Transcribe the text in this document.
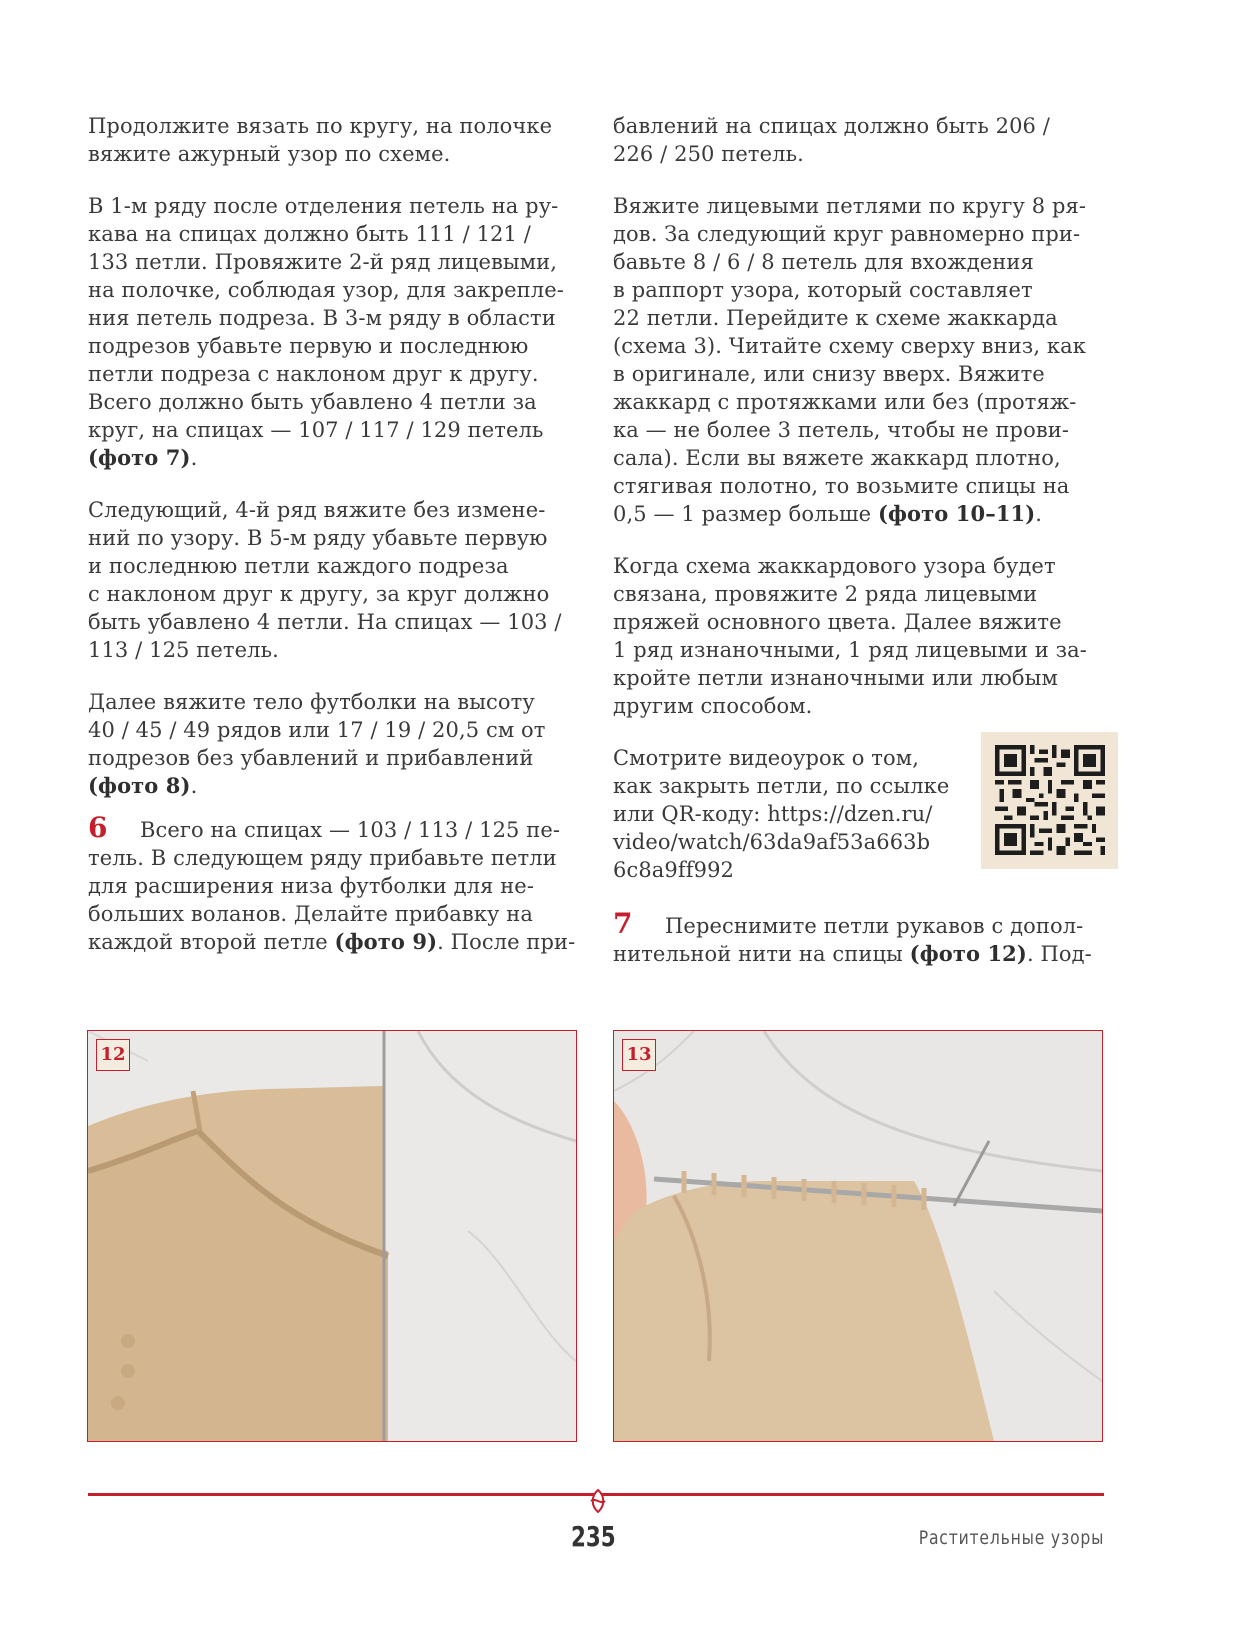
Продолжите вязать по кругу, на полочке
вяжите ажурный узор по схеме.

В 1-м ряду после отделения петель на ру-
кава на спицах должно быть 111 / 121 /
133 петли. Провяжите 2-й ряд лицевыми,
на полочке, соблюдая узор, для закрепле-
ния петель подреза. В 3-м ряду в области
подрезов убавьте первую и последнюю
петли подреза с наклоном друг к другу.
Всего должно быть убавлено 4 петли за
круг, на спицах — 107 / 117 / 129 петель
(фото 7).

Следующий, 4-й ряд вяжите без изменe-
ний по узору. В 5-м ряду убавьте первую
и последнюю петли каждого подреза
с наклоном друг к другу, за круг должно
быть убавлено 4 петли. На спицах — 103 /
113 / 125 петель.

Далее вяжите тело футболки на высоту
40 / 45 / 49 рядов или 17 / 19 / 20,5 см от
подрезов без убавлений и прибавлений
(фото 8).

6 Всего на спицах — 103 / 113 / 125 пе-
тель. В следующем ряду прибавьте петли
для расширения низа футболки для не-
больших воланов. Делайте прибавку на
каждой второй петле (фото 9). После при-

бавлений на спицах должно быть 206 /
226 / 250 петель.

Вяжите лицевыми петлями по кругу 8 ря-
дов. За следующий круг равномерно при-
бавьте 8 / 6 / 8 петель для вхождения
в раппорт узора, который составляет
22 петли. Перейдите к схеме жаккарда
(схема 3). Читайте схему сверху вниз, как
в оригинале, или снизу вверх. Вяжите
жаккард с протяжками или без (протяж-
ка — не более 3 петель, чтобы не прови-
сала). Если вы вяжете жаккард плотно,
стягивая полотно, то возьмите спицы на
0,5 — 1 размер больше (фото 10–11).

Когда схема жаккардового узора будет
связана, провяжите 2 ряда лицевыми
пряжей основного цвета. Далее вяжите
1 ряд изнаночными, 1 ряд лицевыми и за-
кройте петли изнаночными или любым
другим способом.

Смотрите видеоурок о том,
как закрыть петли, по ссылке
или QR-коду: https://dzen.ru/
video/watch/63da9af53a663b
6c8a9ff992
7 Переснимите петли рукавов с допол-
нительной нити на спицы (фото 12). Под-
12	13
235	Растительные узоры
